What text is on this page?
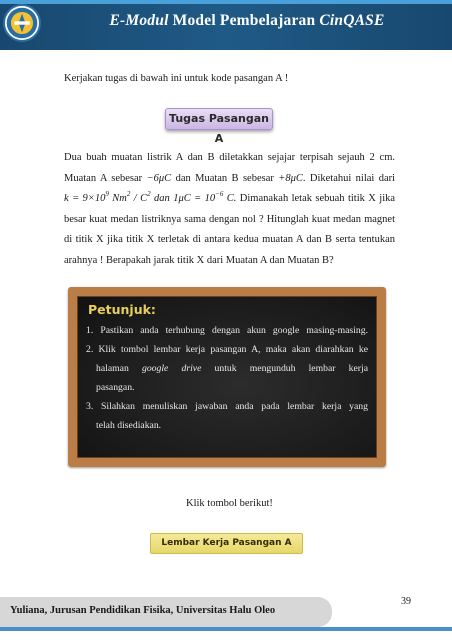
E-Modul Model Pembelajaran CinQASE
Kerjakan tugas di bawah ini untuk kode pasangan A !
Tugas Pasangan A
Dua buah muatan listrik A dan B diletakkan sejajar terpisah sejauh 2 cm.
Muatan A sebesar −6μC dan Muatan B sebesar +8μC. Diketahui nilai dari
$k = 9\times 10^9$ $Nm^2 / C^2$ dan $1\mu C = 10^{-6}$ C. Dimanakah letak sebuah titik X jika
besar kuat medan listriknya sama dengan nol ? Hitunglah kuat medan magnet
di titik X jika titik X terletak di antara kedua muatan A dan B serta tentukan
arahnya ! Berapakah jarak titik X dari Muatan A dan Muatan B?
Petunjuk:
1. Pastikan anda terhubung dengan akun google masing-masing.
2. Klik tombol lembar kerja pasangan A, maka akan diarahkan ke
halaman google drive untuk mengunduh lembar kerja
pasangan.
3. Silahkan menuliskan jawaban anda pada lembar kerja yang
telah disediakan.
Klik tombol berikut!
Lembar Kerja Pasangan A
Yuliana, Jurusan Pendidikan Fisika, Universitas Halu Oleo
39
